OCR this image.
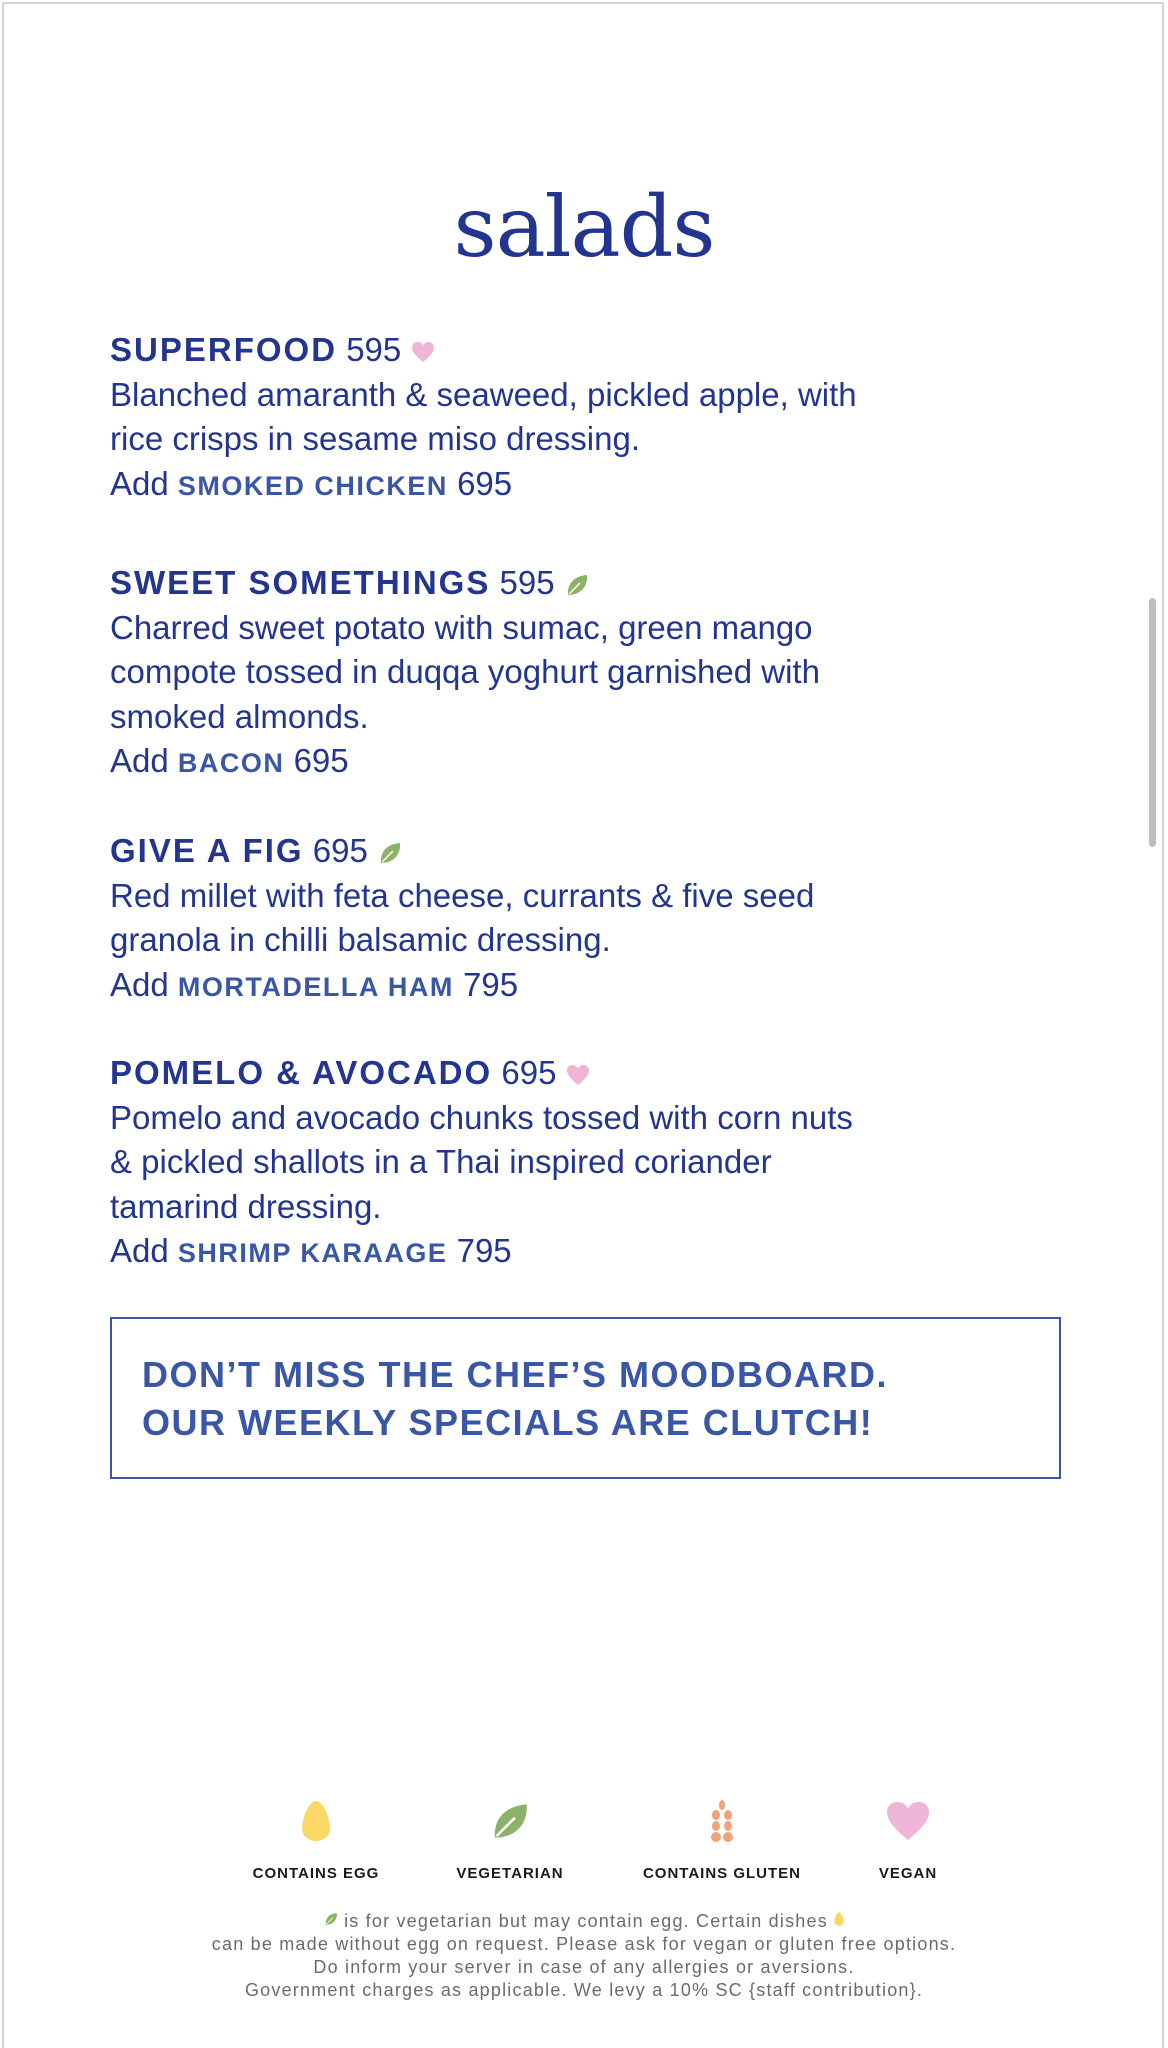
salads
SUPERFOOD 595
Blanched amaranth & seaweed, pickled apple, with
rice crisps in sesame miso dressing.
Add SMOKED CHICKEN 695
SWEET SOMETHINGS 595
Charred sweet potato with sumac, green mango
compote tossed in duqqa yoghurt garnished with
smoked almonds.
Add BACON 695
GIVE A FIG 695
Red millet with feta cheese, currants & five seed
granola in chilli balsamic dressing.
Add MORTADELLA HAM 795
POMELO & AVOCADO 695
Pomelo and avocado chunks tossed with corn nuts
& pickled shallots in a Thai inspired coriander
tamarind dressing.
Add SHRIMP KARAAGE 795
DON’T MISS THE CHEF’S MOODBOARD.
OUR WEEKLY SPECIALS ARE CLUTCH!
CONTAINS EGG	VEGETARIAN	CONTAINS GLUTEN	VEGAN
is for vegetarian but may contain egg. Certain dishes
can be made without egg on request. Please ask for vegan or gluten free options.
Do inform your server in case of any allergies or aversions.
Government charges as applicable. We levy a 10% SC {staff contribution}.
